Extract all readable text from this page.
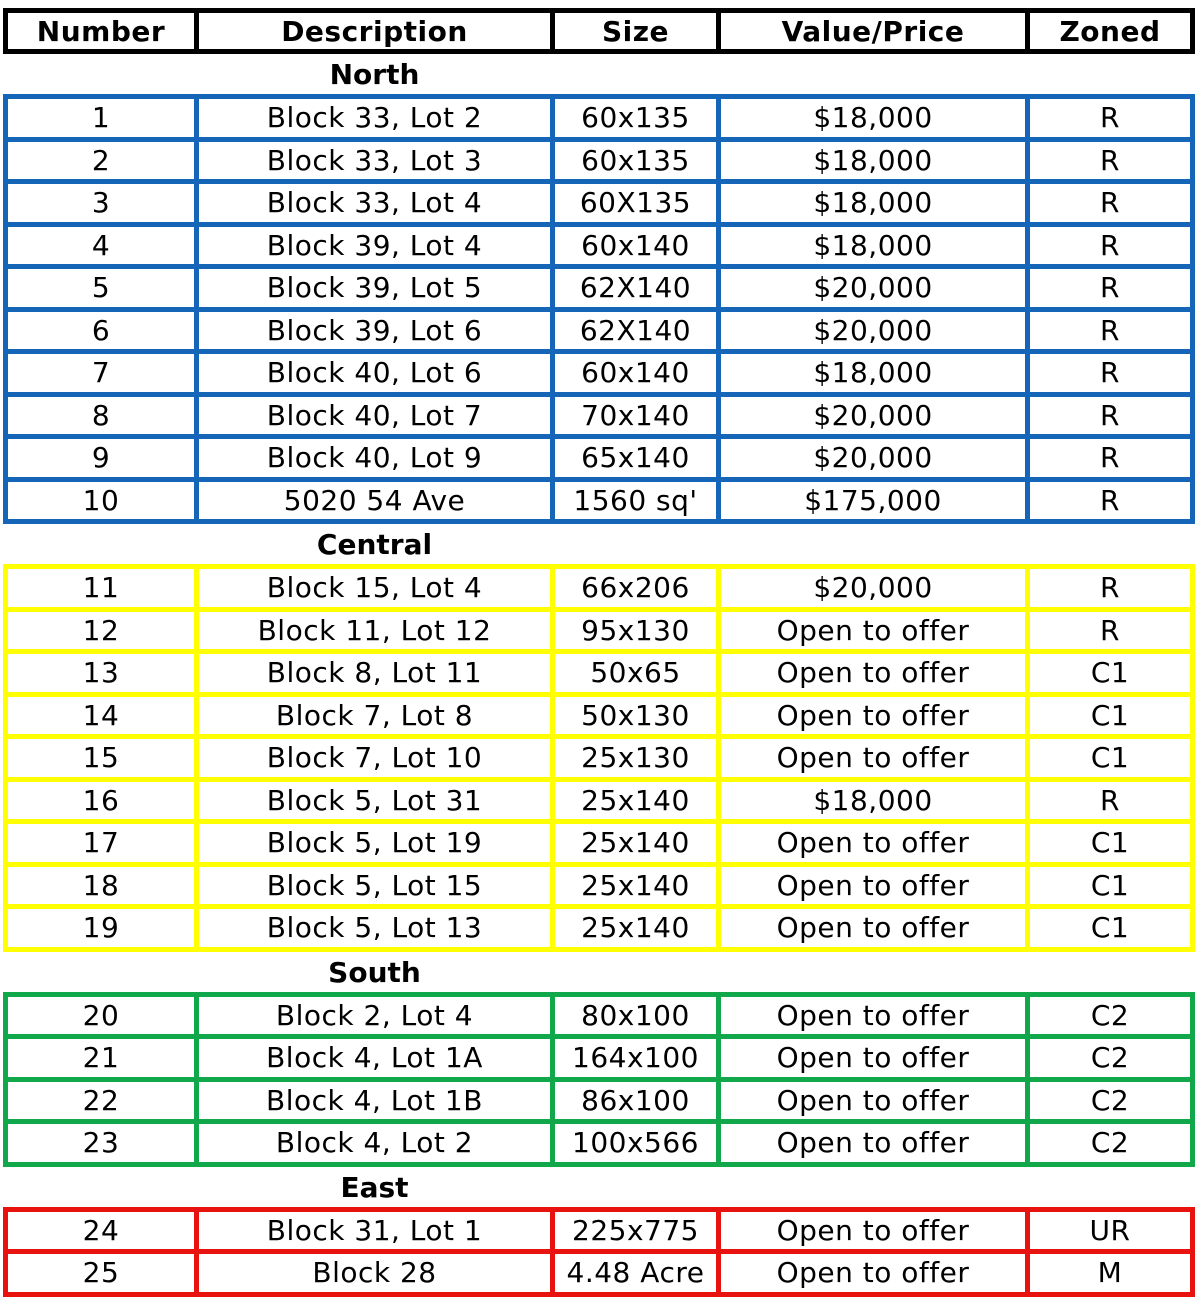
Number	Description	Size	Value/Price	Zoned
North
1	Block 33, Lot 2	60x135	$18,000	R
2	Block 33, Lot 3	60x135	$18,000	R
3	Block 33, Lot 4	60X135	$18,000	R
4	Block 39, Lot 4	60x140	$18,000	R
5	Block 39, Lot 5	62X140	$20,000	R
6	Block 39, Lot 6	62X140	$20,000	R
7	Block 40, Lot 6	60x140	$18,000	R
8	Block 40, Lot 7	70x140	$20,000	R
9	Block 40, Lot 9	65x140	$20,000	R
10	5020 54 Ave	1560 sq'	$175,000	R
Central
11	Block 15, Lot 4	66x206	$20,000	R
12	Block 11, Lot 12	95x130	Open to offer	R
13	Block 8, Lot 11	50x65	Open to offer	C1
14	Block 7, Lot 8	50x130	Open to offer	C1
15	Block 7, Lot 10	25x130	Open to offer	C1
16	Block 5, Lot 31	25x140	$18,000	R
17	Block 5, Lot 19	25x140	Open to offer	C1
18	Block 5, Lot 15	25x140	Open to offer	C1
19	Block 5, Lot 13	25x140	Open to offer	C1
South
20	Block 2, Lot 4	80x100	Open to offer	C2
21	Block 4, Lot 1A	164x100	Open to offer	C2
22	Block 4, Lot 1B	86x100	Open to offer	C2
23	Block 4, Lot 2	100x566	Open to offer	C2
East
24	Block 31, Lot 1	225x775	Open to offer	UR
25	Block 28	4.48 Acre	Open to offer	M
